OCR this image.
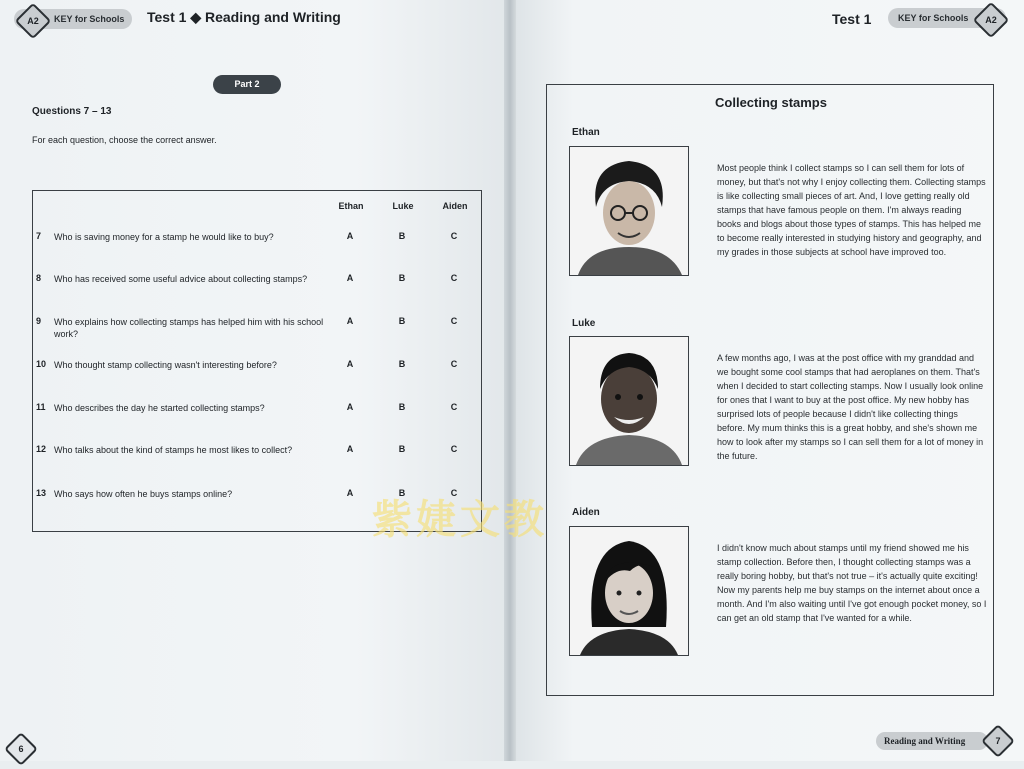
KEY for Schools
A2	Test 1 ◆ Reading and Writing
Part 2
Questions 7 – 13
For each question, choose the correct answer.
Ethan	Luke	Aiden
7 Who is saving money for a stamp he would like to buy?	A	B	C
8 Who has received some useful advice about collecting stamps?	A	B	C
9 Who explains how collecting stamps has helped him with his school work?
A	B	C
10 Who thought stamp collecting wasn't interesting before?	A	B	C
11 Who describes the day he started collecting stamps?	A	B	C
12 Who talks about the kind of stamps he most likes to collect?	A	B	C
13 Who says how often he buys stamps online?	A	B	C
6
Test 1	KEY for Schools	A2
Collecting stamps
Ethan
Most people think I collect stamps so I can sell them for lots of money, but that's not why I enjoy collecting them. Collecting stamps is like collecting small pieces of art. And, I love getting really old stamps that have famous people on them. I'm always reading books and blogs about those types of stamps. This has helped me to become really interested in studying history and geography, and my grades in those subjects at school have improved too.
Luke
A few months ago, I was at the post office with my granddad and we bought some cool stamps that had aeroplanes on them. That's when I decided to start collecting stamps. Now I usually look online for ones that I want to buy at the post office. My new hobby has surprised lots of people because I didn't like collecting things before. My mum thinks this is a great hobby, and she's shown me how to look after my stamps so I can sell them for a lot of money in the future.
Aiden
I didn't know much about stamps until my friend showed me his stamp collection. Before then, I thought collecting stamps was a really boring hobby, but that's not true – it's actually quite exciting! Now my parents help me buy stamps on the internet about once a month. And I'm also waiting until I've got enough pocket money, so I can get an old stamp that I've wanted for a while.
紫婕文教
Reading and Writing	7
